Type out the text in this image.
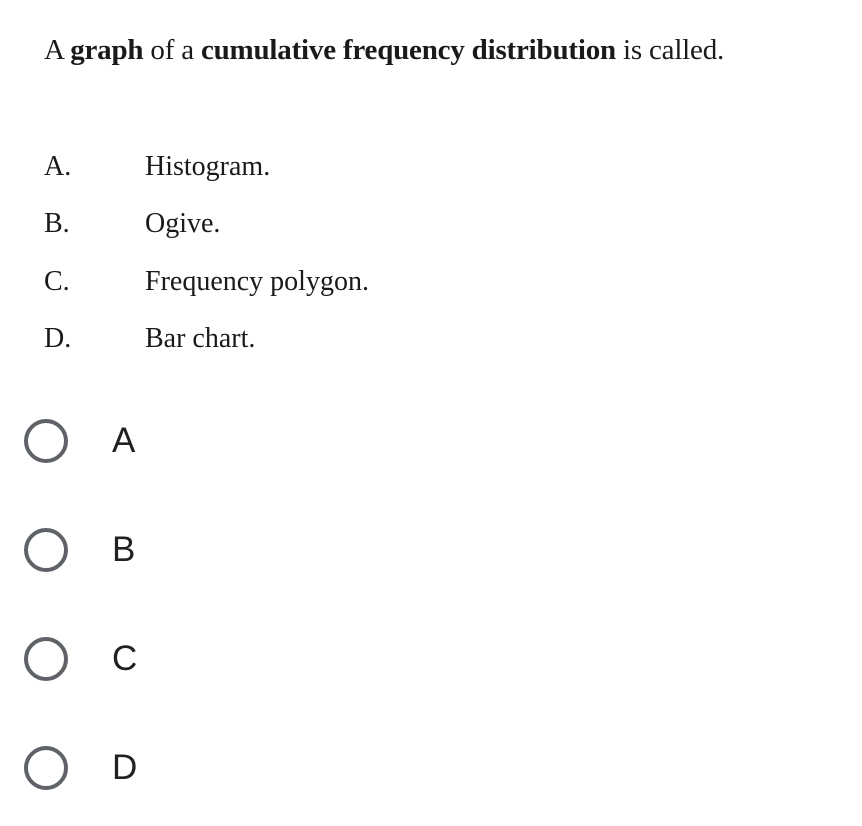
A graph of a cumulative frequency distribution is called.
A.	Histogram.
B.	Ogive.
C.	Frequency polygon.
D.	Bar chart.
A
B
C
D
